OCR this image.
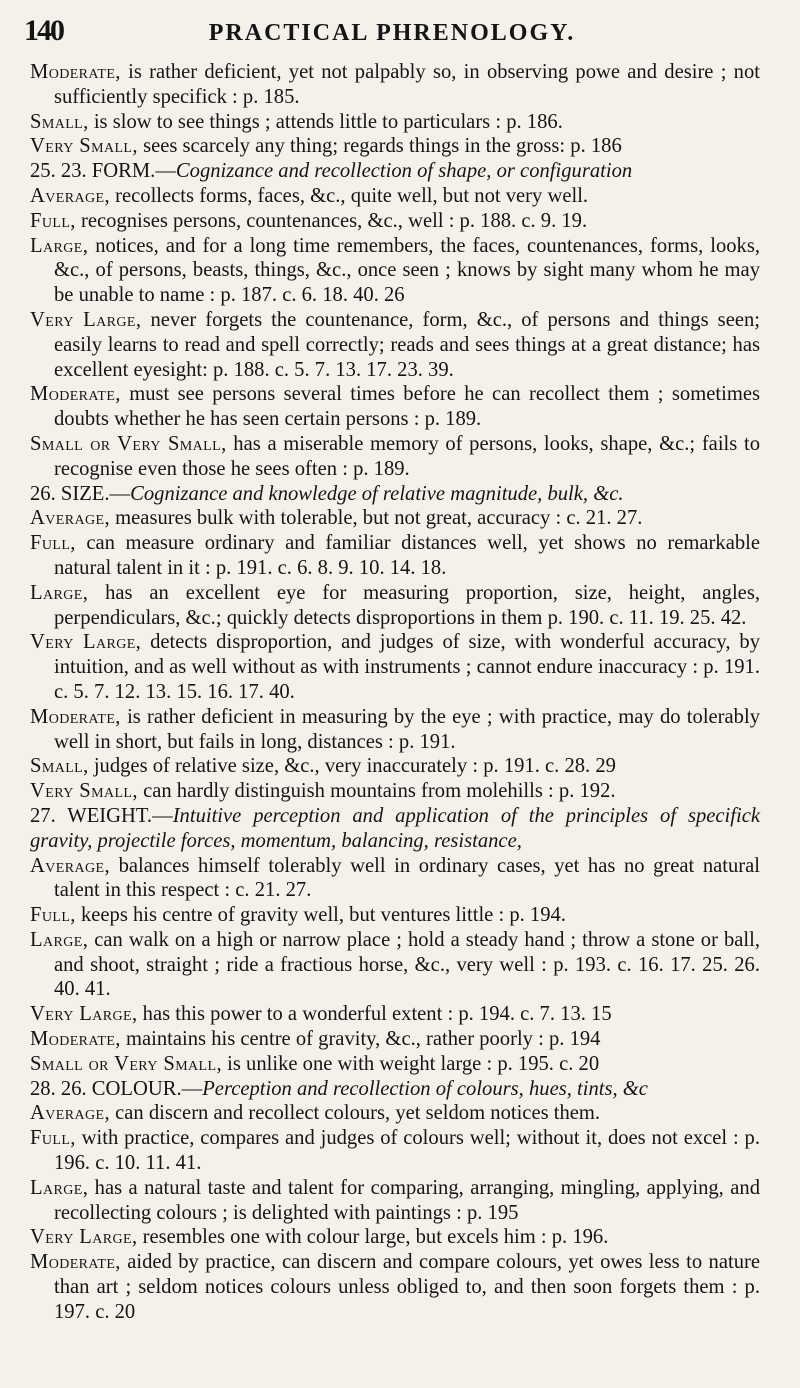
140	PRACTICAL PHRENOLOGY.

Moderate, is rather deficient, yet not palpably so, in observing powe and desire ; not sufficiently specifick : p. 185.

Small, is slow to see things ; attends little to particulars : p. 186.

Very Small, sees scarcely any thing; regards things in the gross: p. 186

25. 23. FORM.—Cognizance and recollection of shape, or configuration

Average, recollects forms, faces, &c., quite well, but not very well.

Full, recognises persons, countenances, &c., well : p. 188. c. 9. 19.

Large, notices, and for a long time remembers, the faces, countenances, forms, looks, &c., of persons, beasts, things, &c., once seen ; knows by sight many whom he may be unable to name : p. 187. c. 6. 18. 40. 26

Very Large, never forgets the countenance, form, &c., of persons and things seen; easily learns to read and spell correctly; reads and sees things at a great distance; has excellent eyesight: p. 188. c. 5. 7. 13. 17. 23. 39.

Moderate, must see persons several times before he can recollect them ; sometimes doubts whether he has seen certain persons : p. 189.

Small or Very Small, has a miserable memory of persons, looks, shape, &c.; fails to recognise even those he sees often : p. 189.

26. SIZE.—Cognizance and knowledge of relative magnitude, bulk, &c.

Average, measures bulk with tolerable, but not great, accuracy : c. 21. 27.

Full, can measure ordinary and familiar distances well, yet shows no remarkable natural talent in it : p. 191. c. 6. 8. 9. 10. 14. 18.

Large, has an excellent eye for measuring proportion, size, height, angles, perpendiculars, &c.; quickly detects disproportions in them p. 190. c. 11. 19. 25. 42.

Very Large, detects disproportion, and judges of size, with wonderful accuracy, by intuition, and as well without as with instruments ; cannot endure inaccuracy : p. 191. c. 5. 7. 12. 13. 15. 16. 17. 40.

Moderate, is rather deficient in measuring by the eye ; with practice, may do tolerably well in short, but fails in long, distances : p. 191.

Small, judges of relative size, &c., very inaccurately : p. 191. c. 28. 29

Very Small, can hardly distinguish mountains from molehills : p. 192.

27. WEIGHT.—Intuitive perception and application of the principles of specifick gravity, projectile forces, momentum, balancing, resistance,

Average, balances himself tolerably well in ordinary cases, yet has no great natural talent in this respect : c. 21. 27.

Full, keeps his centre of gravity well, but ventures little : p. 194.

Large, can walk on a high or narrow place ; hold a steady hand ; throw a stone or ball, and shoot, straight ; ride a fractious horse, &c., very well : p. 193. c. 16. 17. 25. 26. 40. 41.

Very Large, has this power to a wonderful extent : p. 194. c. 7. 13. 15

Moderate, maintains his centre of gravity, &c., rather poorly : p. 194

Small or Very Small, is unlike one with weight large : p. 195. c. 20

28. 26. COLOUR.—Perception and recollection of colours, hues, tints, &c

Average, can discern and recollect colours, yet seldom notices them.

Full, with practice, compares and judges of colours well; without it, does not excel : p. 196. c. 10. 11. 41.

Large, has a natural taste and talent for comparing, arranging, mingling, applying, and recollecting colours ; is delighted with paintings : p. 195

Very Large, resembles one with colour large, but excels him : p. 196.

Moderate, aided by practice, can discern and compare colours, yet owes less to nature than art ; seldom notices colours unless obliged to, and then soon forgets them : p. 197. c. 20
